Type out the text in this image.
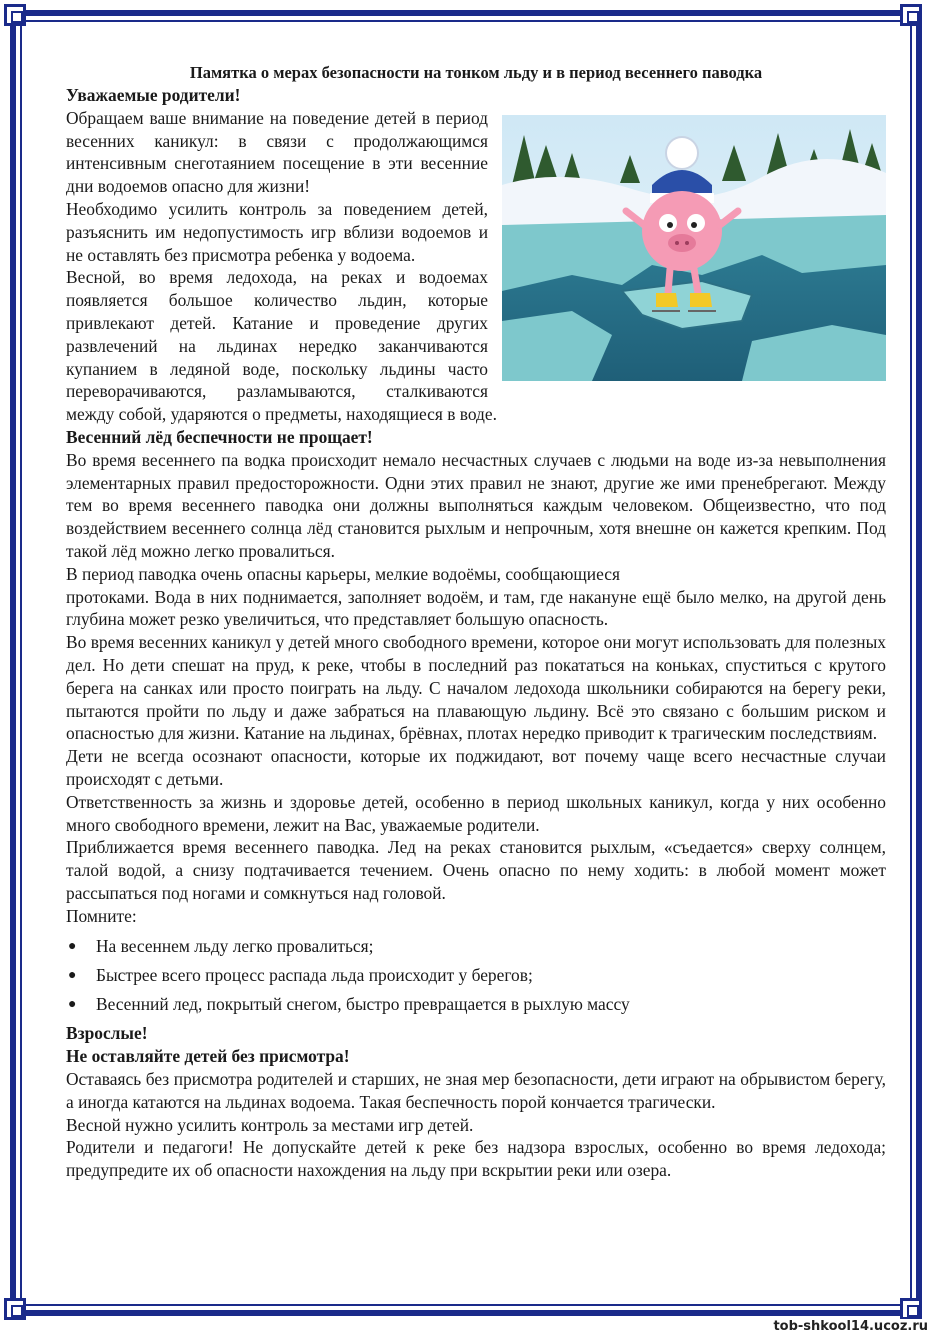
Памятка о мерах безопасности на тонком льду и в период весеннего паводка

Уважаемые родители!

Обращаем ваше внимание на поведение детей в период весенних каникул: в связи с продолжающимся интенсивным снеготаянием посещение в эти весенние дни водоемов опасно для жизни!

Необходимо усилить контроль за поведением детей, разъяснить им недопустимость игр вблизи водоемов и не оставлять без присмотра ребенка у водоема.

Весной, во время ледохода, на реках и водоемах появляется большое количество льдин, которые привлекают детей. Катание и проведение других развлечений на льдинах нередко заканчиваются купанием в ледяной воде, поскольку льдины часто переворачиваются, разламываются, сталкиваются между собой, ударяются о предметы, находящиеся в воде.

Весенний лёд беспечности не прощает!

Во время весеннего па водка происходит немало несчастных случаев с людьми на воде из-за невыполнения элементарных правил предосторожности. Одни этих правил не знают, другие же ими пренебрегают. Между тем во время весеннего паводка они должны выполняться каждым человеком. Общеизвестно, что под воздействием весеннего солнца лёд становится рыхлым и непрочным, хотя внешне он кажется крепким. Под такой лёд можно легко провалиться.

В период паводка очень опасны карьеры, мелкие водоёмы, сообщающиеся

протоками. Вода в них поднимается, заполняет водоём, и там, где накануне ещё было мелко, на другой день глубина может резко увеличиться, что представляет большую опасность.

Во время весенних каникул у детей много свободного времени, которое они могут использовать для полезных дел. Но дети спешат на пруд, к реке, чтобы в последний раз покататься на коньках, спуститься с крутого берега на санках или просто поиграть на льду. С началом ледохода школьники собираются на берегу реки, пытаются пройти по льду и даже забраться на плавающую льдину. Всё это связано с большим риском и опасностью для жизни. Катание на льдинах, брёвнах, плотах нередко приводит к трагическим последствиям.

Дети не всегда осознают опасности, которые их поджидают, вот почему чаще всего несчастные случаи происходят с детьми.

Ответственность за жизнь и здоровье детей, особенно в период школьных каникул, когда у них особенно много свободного времени, лежит на Вас, уважаемые родители.

Приближается время весеннего паводка. Лед на реках становится рыхлым, «съедается» сверху солнцем, талой водой, а снизу подтачивается течением. Очень опасно по нему ходить: в любой момент может рассыпаться под ногами и сомкнуться над головой.

Помните:

● На весеннем льду легко провалиться;
● Быстрее всего процесс распада льда происходит у берегов;
● Весенний лед, покрытый снегом, быстро превращается в рыхлую массу

Взрослые!

Не оставляйте детей без присмотра!

Оставаясь без присмотра родителей и старших, не зная мер безопасности, дети играют на обрывистом берегу, а иногда катаются на льдинах водоема. Такая беспечность порой кончается трагически.

Весной нужно усилить контроль за местами игр детей.

Родители и педагоги! Не допускайте детей к реке без надзора взрослых, особенно во время ледохода; предупредите их об опасности нахождения на льду при вскрытии реки или озера.

tob-shkool14.ucoz.ru
